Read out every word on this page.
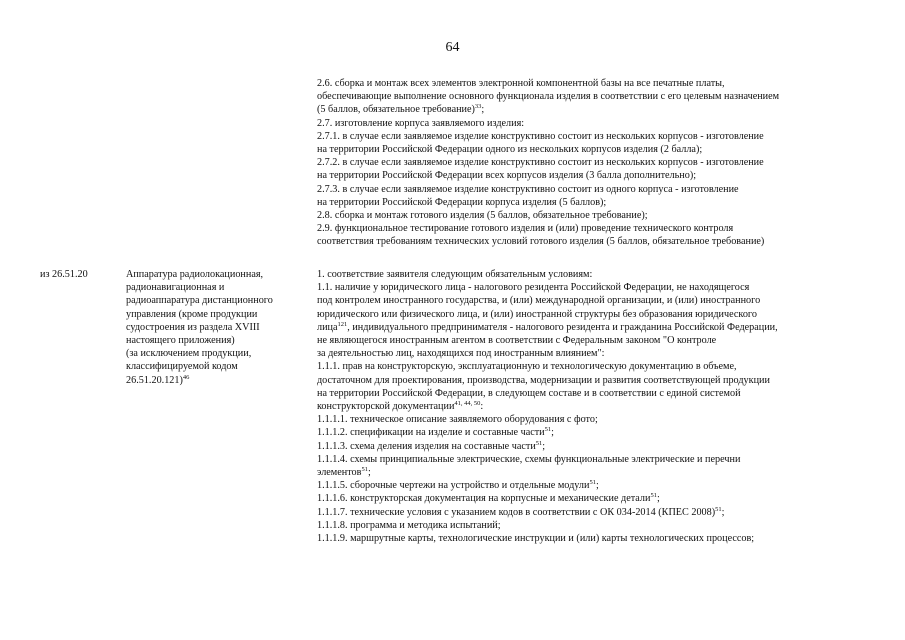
64
2.6. сборка и монтаж всех элементов электронной компонентной базы на все печатные платы,
обеспечивающие выполнение основного функционала изделия в соответствии с его целевым назначением
(5 баллов, обязательное требование)$^{33}$;
2.7. изготовление корпуса заявляемого изделия:
2.7.1. в случае если заявляемое изделие конструктивно состоит из нескольких корпусов - изготовление
на территории Российской Федерации одного из нескольких корпусов изделия (2 балла);
2.7.2. в случае если заявляемое изделие конструктивно состоит из нескольких корпусов - изготовление
на территории Российской Федерации всех корпусов изделия (3 балла дополнительно);
2.7.3. в случае если заявляемое изделие конструктивно состоит из одного корпуса - изготовление
на территории Российской Федерации корпуса изделия (5 баллов);
2.8. сборка и монтаж готового изделия (5 баллов, обязательное требование);
2.9. функциональное тестирование готового изделия и (или) проведение технического контроля
соответствия требованиям технических условий готового изделия (5 баллов, обязательное требование)
из 26.51.20	Аппаратура радиолокационная,
радионавигационная и
радиоаппаратура дистанционного
управления (кроме продукции
судостроения из раздела XVIII
настоящего приложения)
(за исключением продукции,
классифицируемой кодом
26.51.20.121)$^{46}$
1. соответствие заявителя следующим обязательным условиям:
1.1. наличие у юридического лица - налогового резидента Российской Федерации, не находящегося
под контролем иностранного государства, и (или) международной организации, и (или) иностранного
юридического или физического лица, и (или) иностранной структуры без образования юридического
лица$^{121}$, индивидуального предпринимателя - налогового резидента и гражданина Российской Федерации,
не являющегося иностранным агентом в соответствии с Федеральным законом "О контроле
за деятельностью лиц, находящихся под иностранным влиянием":
1.1.1. прав на конструкторскую, эксплуатационную и технологическую документацию в объеме,
достаточном для проектирования, производства, модернизации и развития соответствующей продукции
на территории Российской Федерации, в следующем составе и в соответствии с единой системой
конструкторской документации$^{41, 44, 50}$:
1.1.1.1. техническое описание заявляемого оборудования с фото;
1.1.1.2. спецификации на изделие и составные части$^{51}$;
1.1.1.3. схема деления изделия на составные части$^{51}$;
1.1.1.4. схемы принципиальные электрические, схемы функциональные электрические и перечни
элементов$^{51}$;
1.1.1.5. сборочные чертежи на устройство и отдельные модули$^{51}$;
1.1.1.6. конструкторская документация на корпусные и механические детали$^{51}$;
1.1.1.7. технические условия с указанием кодов в соответствии с ОК 034-2014 (КПЕС 2008)$^{51}$;
1.1.1.8. программа и методика испытаний;
1.1.1.9. маршрутные карты, технологические инструкции и (или) карты технологических процессов;
